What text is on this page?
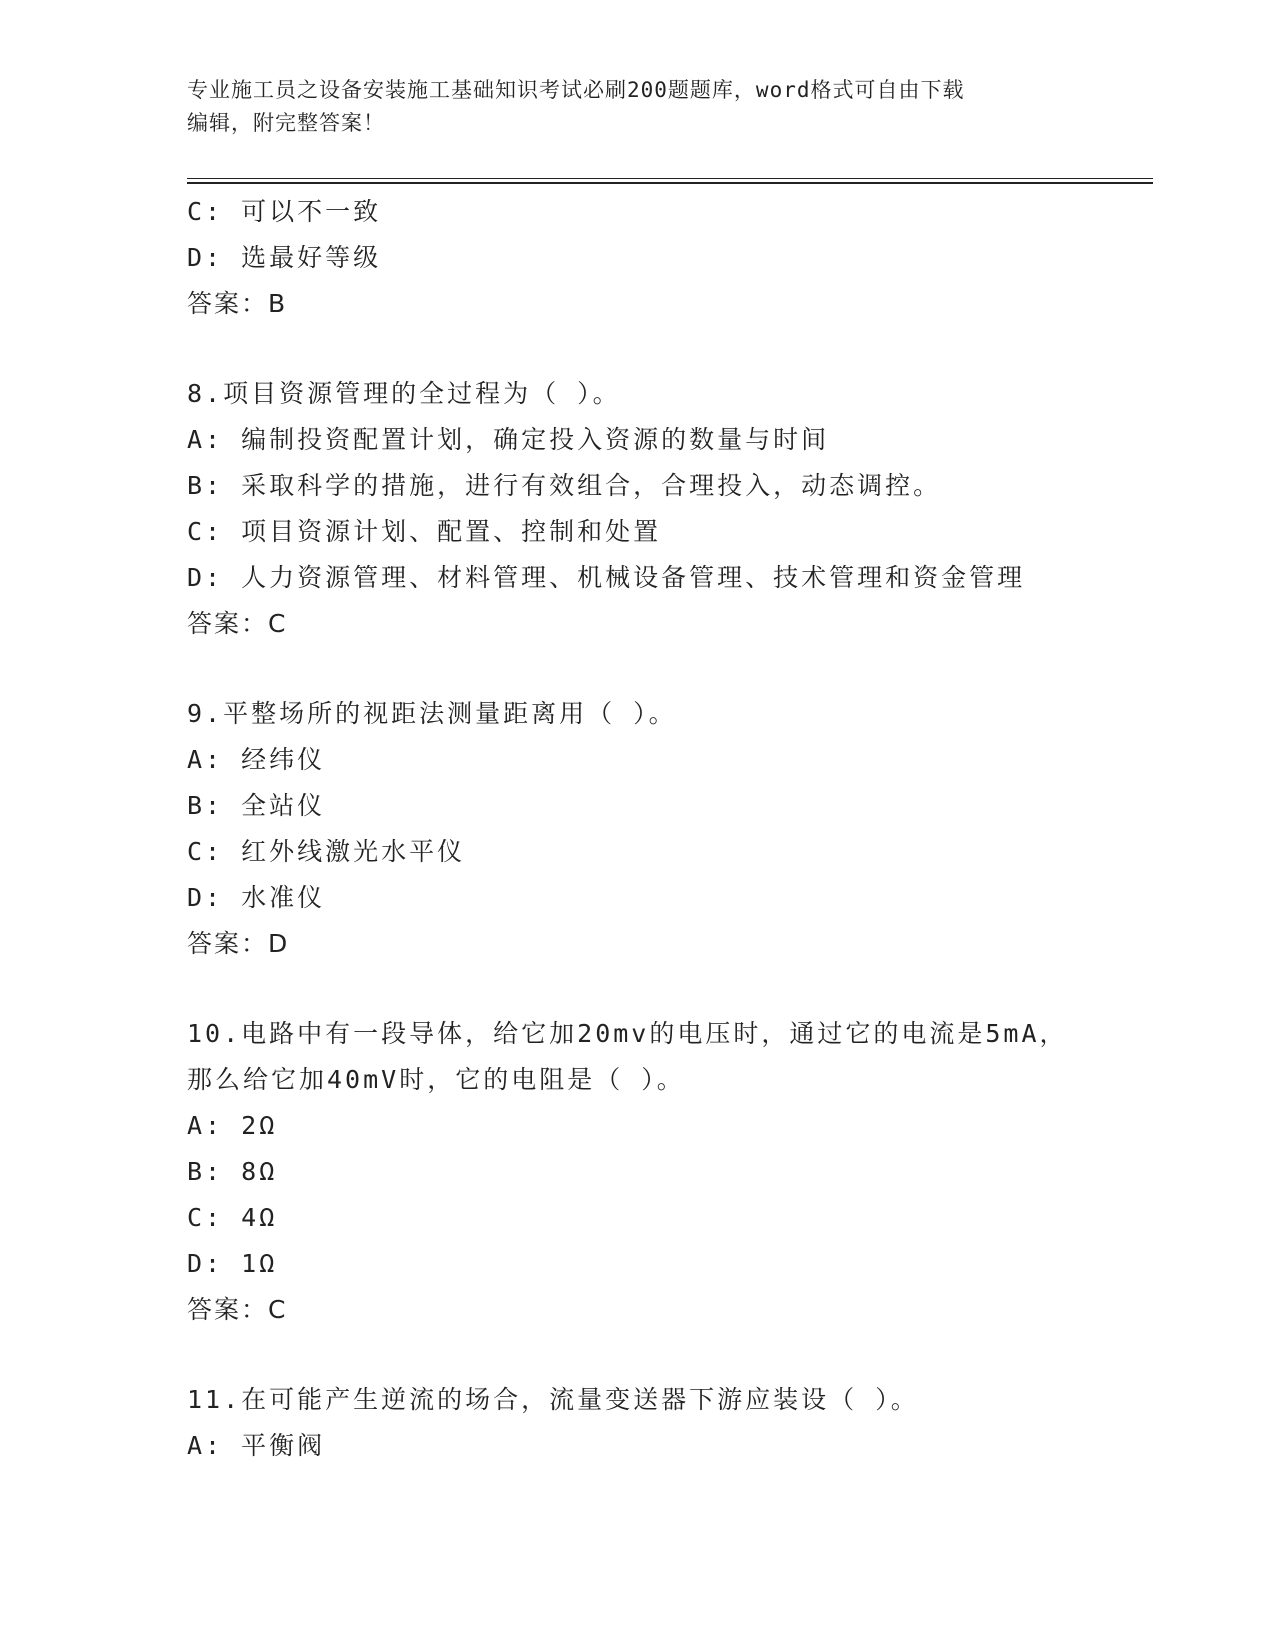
专业施工员之设备安装施工基础知识考试必刷200题题库，word格式可自由下载
编辑，附完整答案！
C: 可以不一致
D: 选最好等级
答案：B
8.项目资源管理的全过程为（ ）。
A: 编制投资配置计划，确定投入资源的数量与时间
B: 采取科学的措施，进行有效组合，合理投入，动态调控。
C: 项目资源计划、配置、控制和处置
D: 人力资源管理、材料管理、机械设备管理、技术管理和资金管理
答案：C
9.平整场所的视距法测量距离用（ ）。
A: 经纬仪
B: 全站仪
C: 红外线激光水平仪
D: 水准仪
答案：D
10.电路中有一段导体，给它加20mv的电压时，通过它的电流是5mA，
那么给它加40mV时，它的电阻是（ ）。
A: 2Ω
B: 8Ω
C: 4Ω
D: 1Ω
答案：C
11.在可能产生逆流的场合，流量变送器下游应装设（ ）。
A: 平衡阀
